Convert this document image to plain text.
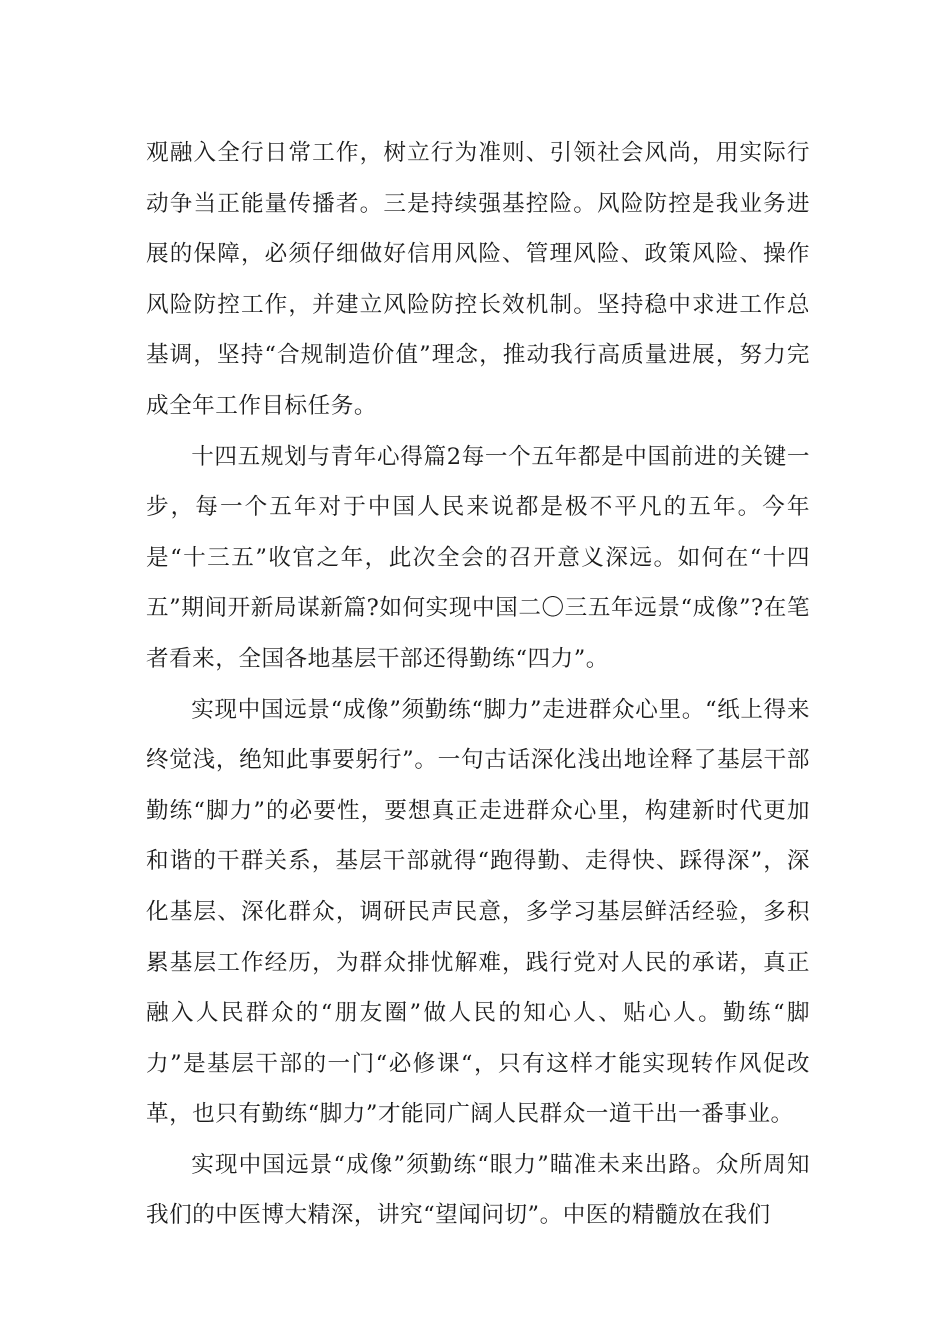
观融入全行日常工作，树立行为准则、引领社会风尚，用实际行动争当正能量传播者。三是持续强基控险。风险防控是我业务进展的保障，必须仔细做好信用风险、管理风险、政策风险、操作风险防控工作，并建立风险防控长效机制。坚持稳中求进工作总基调，坚持“合规制造价值”理念，推动我行高质量进展，努力完成全年工作目标任务。

十四五规划与青年心得篇2每一个五年都是中国前进的关键一步，每一个五年对于中国人民来说都是极不平凡的五年。今年是“十三五”收官之年，此次全会的召开意义深远。如何在“十四五”期间开新局谋新篇?如何实现中国二〇三五年远景“成像”?在笔者看来，全国各地基层干部还得勤练“四力”。

实现中国远景“成像”须勤练“脚力”走进群众心里。“纸上得来终觉浅，绝知此事要躬行”。一句古话深化浅出地诠释了基层干部勤练“脚力”的必要性，要想真正走进群众心里，构建新时代更加和谐的干群关系，基层干部就得“跑得勤、走得快、踩得深”，深化基层、深化群众，调研民声民意，多学习基层鲜活经验，多积累基层工作经历，为群众排忧解难，践行党对人民的承诺，真正融入人民群众的“朋友圈”做人民的知心人、贴心人。勤练“脚力”是基层干部的一门“必修课“，只有这样才能实现转作风促改革，也只有勤练“脚力”才能同广阔人民群众一道干出一番事业。

实现中国远景“成像”须勤练“眼力”瞄准未来出路。众所周知我们的中医博大精深，讲究“望闻问切”。中医的精髓放在我们
